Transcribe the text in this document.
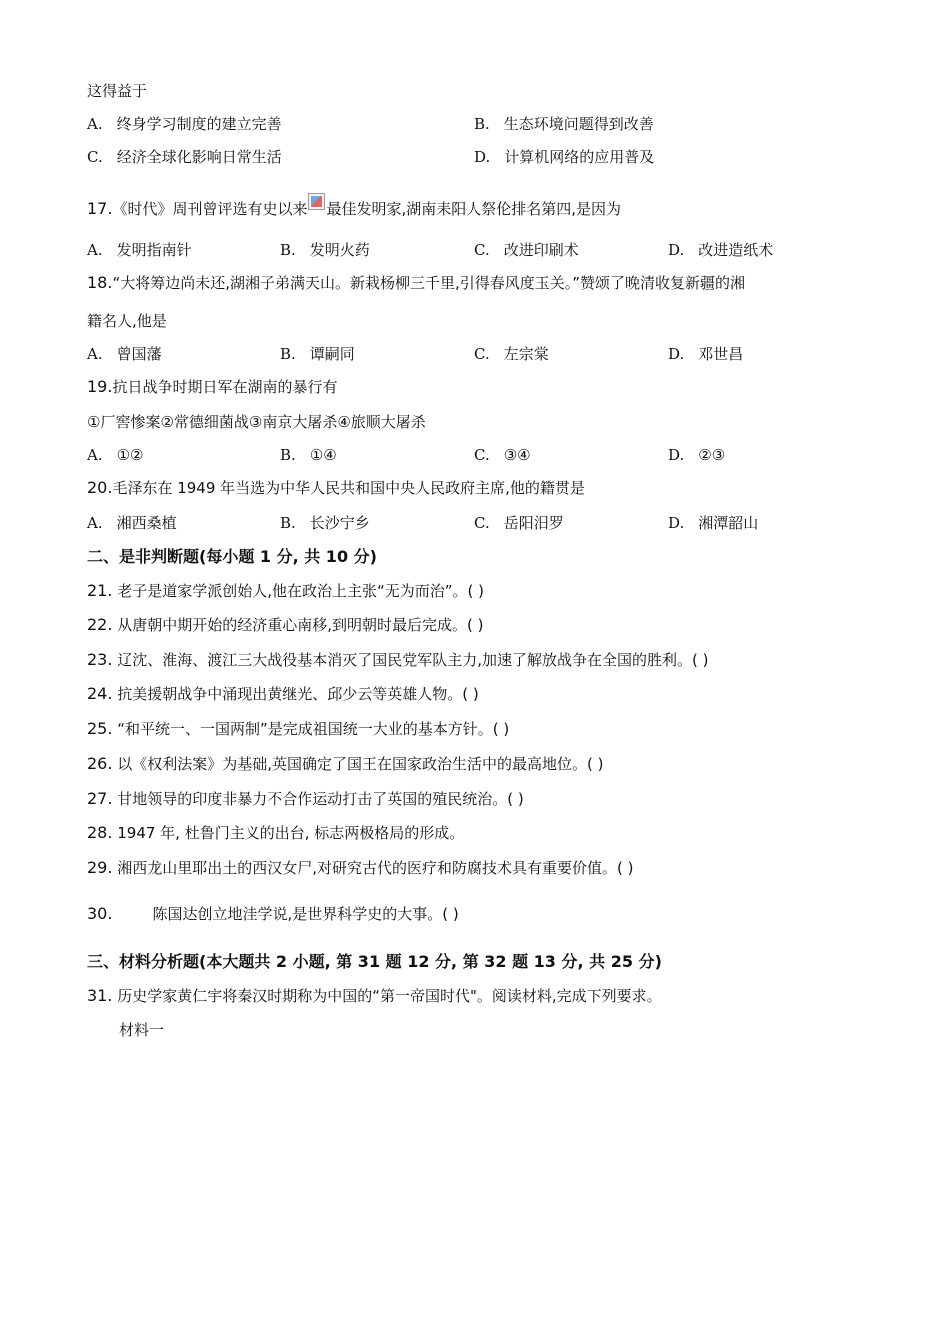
这得益于
A. 终身学习制度的建立完善	B. 生态环境问题得到改善
C. 经济全球化影响日常生活	D. 计算机网络的应用普及
17.《时代》周刊曾评选有史以来 最佳发明家,湖南耒阳人祭伦排名第四,是因为
A. 发明指南针	B. 发明火药	C. 改进印刷术	D. 改进造纸术
18.“大将筹边尚未还,湖湘子弟满天山。新栽杨柳三千里,引得春风度玉关。”赞颂了晚清收复新疆的湘
籍名人,他是
A. 曾国藩	B. 谭嗣同	C. 左宗棠	D. 邓世昌
19.抗日战争时期日军在湖南的暴行有
①厂窖惨案②常德细菌战③南京大屠杀④旅顺大屠杀
A. ①②	B. ①④	C. ③④	D. ②③
20.毛泽东在 1949 年当选为中华人民共和国中央人民政府主席,他的籍贯是
A. 湘西桑植	B. 长沙宁乡	C. 岳阳汨罗	D. 湘潭韶山
二、是非判断题(每小题 1 分, 共 10 分)
21. 老子是道家学派创始人,他在政治上主张“无为而治”。( )
22. 从唐朝中期开始的经济重心南移,到明朝时最后完成。( )
23. 辽沈、淮海、渡江三大战役基本消灭了国民党军队主力,加速了解放战争在全国的胜利。( )
24. 抗美援朝战争中涌现出黄继光、邱少云等英雄人物。( )
25. “和平统一、一国两制”是完成祖国统一大业的基本方针。( )
26. 以《权利法案》为基础,英国确定了国王在国家政治生活中的最高地位。( )
27. 甘地领导的印度非暴力不合作运动打击了英国的殖民统治。( )
28. 1947 年, 杜鲁门主义的出台, 标志两极格局的形成。
29. 湘西龙山里耶出土的西汉女尸,对研究古代的医疗和防腐技术具有重要价值。( )
30.	陈国达创立地洼学说,是世界科学史的大事。( )
三、材料分析题(本大题共 2 小题, 第 31 题 12 分, 第 32 题 13 分, 共 25 分)
31. 历史学家黄仁宇将秦汉时期称为中国的“第一帝国时代"。阅读材料,完成下列要求。
材料一
